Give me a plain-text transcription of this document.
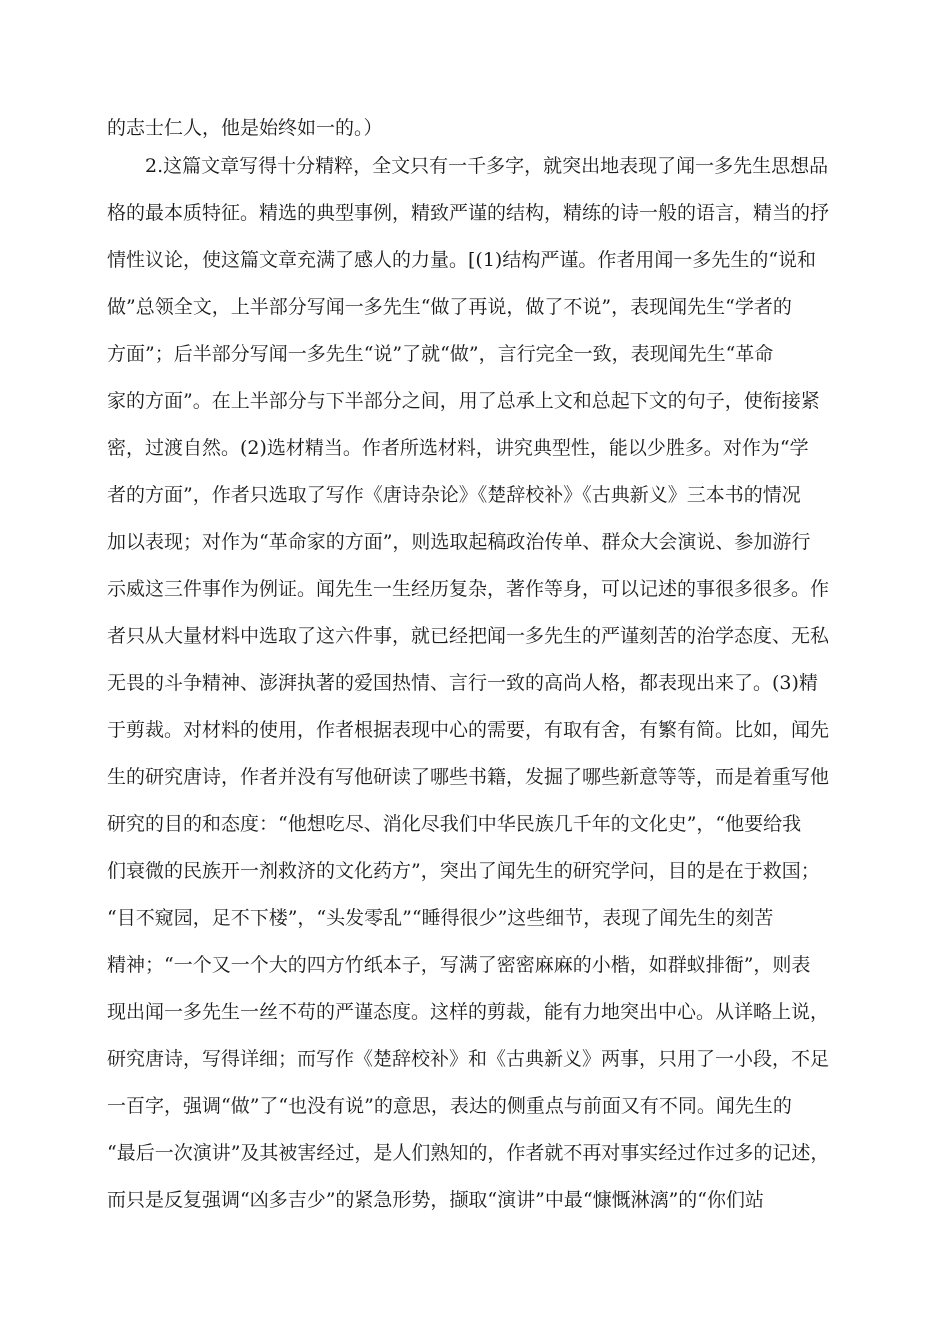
的志士仁人，他是始终如一的。）
2.这篇文章写得十分精粹，全文只有一千多字，就突出地表现了闻一多先生思想品
格的最本质特征。精选的典型事例，精致严谨的结构，精练的诗一般的语言，精当的抒
情性议论，使这篇文章充满了感人的力量。[(1)结构严谨。作者用闻一多先生的“说和
做”总领全文，上半部分写闻一多先生“做了再说，做了不说”，表现闻先生“学者的
方面”；后半部分写闻一多先生“说”了就“做”，言行完全一致，表现闻先生“革命
家的方面”。在上半部分与下半部分之间，用了总承上文和总起下文的句子，使衔接紧
密，过渡自然。(2)选材精当。作者所选材料，讲究典型性，能以少胜多。对作为“学
者的方面”，作者只选取了写作《唐诗杂论》《楚辞校补》《古典新义》三本书的情况
加以表现；对作为“革命家的方面”，则选取起稿政治传单、群众大会演说、参加游行
示威这三件事作为例证。闻先生一生经历复杂，著作等身，可以记述的事很多很多。作
者只从大量材料中选取了这六件事，就已经把闻一多先生的严谨刻苦的治学态度、无私
无畏的斗争精神、澎湃执著的爱国热情、言行一致的高尚人格，都表现出来了。(3)精
于剪裁。对材料的使用，作者根据表现中心的需要，有取有舍，有繁有简。比如，闻先
生的研究唐诗，作者并没有写他研读了哪些书籍，发掘了哪些新意等等，而是着重写他
研究的目的和态度：“他想吃尽、消化尽我们中华民族几千年的文化史”，“他要给我
们衰微的民族开一剂救济的文化药方”，突出了闻先生的研究学问，目的是在于救国；
“目不窥园，足不下楼”，“头发零乱”“睡得很少”这些细节，表现了闻先生的刻苦
精神；“一个又一个大的四方竹纸本子，写满了密密麻麻的小楷，如群蚁排衙”，则表
现出闻一多先生一丝不苟的严谨态度。这样的剪裁，能有力地突出中心。从详略上说，
研究唐诗，写得详细；而写作《楚辞校补》和《古典新义》两事，只用了一小段，不足
一百字，强调“做”了“也没有说”的意思，表达的侧重点与前面又有不同。闻先生的
“最后一次演讲”及其被害经过，是人们熟知的，作者就不再对事实经过作过多的记述，
而只是反复强调“凶多吉少”的紧急形势，撷取“演讲”中最“慷慨淋漓”的“你们站
